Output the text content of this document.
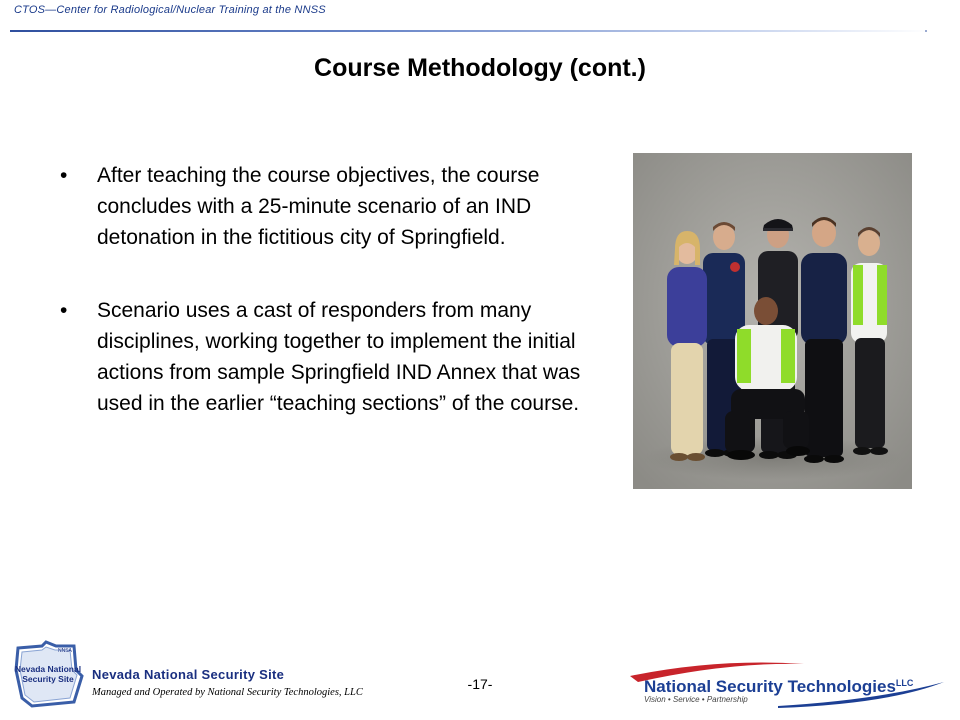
CTOS—Center for Radiological/Nuclear Training at the NNSS
Course Methodology (cont.)
• After teaching the course objectives, the course concludes with a 25-minute scenario of an IND detonation in the fictitious city of Springfield.
• Scenario uses a cast of responders from many disciplines, working together to implement the initial actions from sample Springfield IND Annex that was used in the earlier “teaching sections” of the course.
NNSA
Nevada National
Security Site Nevada National Security Site
Managed and Operated by National Security Technologies, LLC
-17-	National Security Technologies$^{LLC}$
Vision • Service • Partnership
